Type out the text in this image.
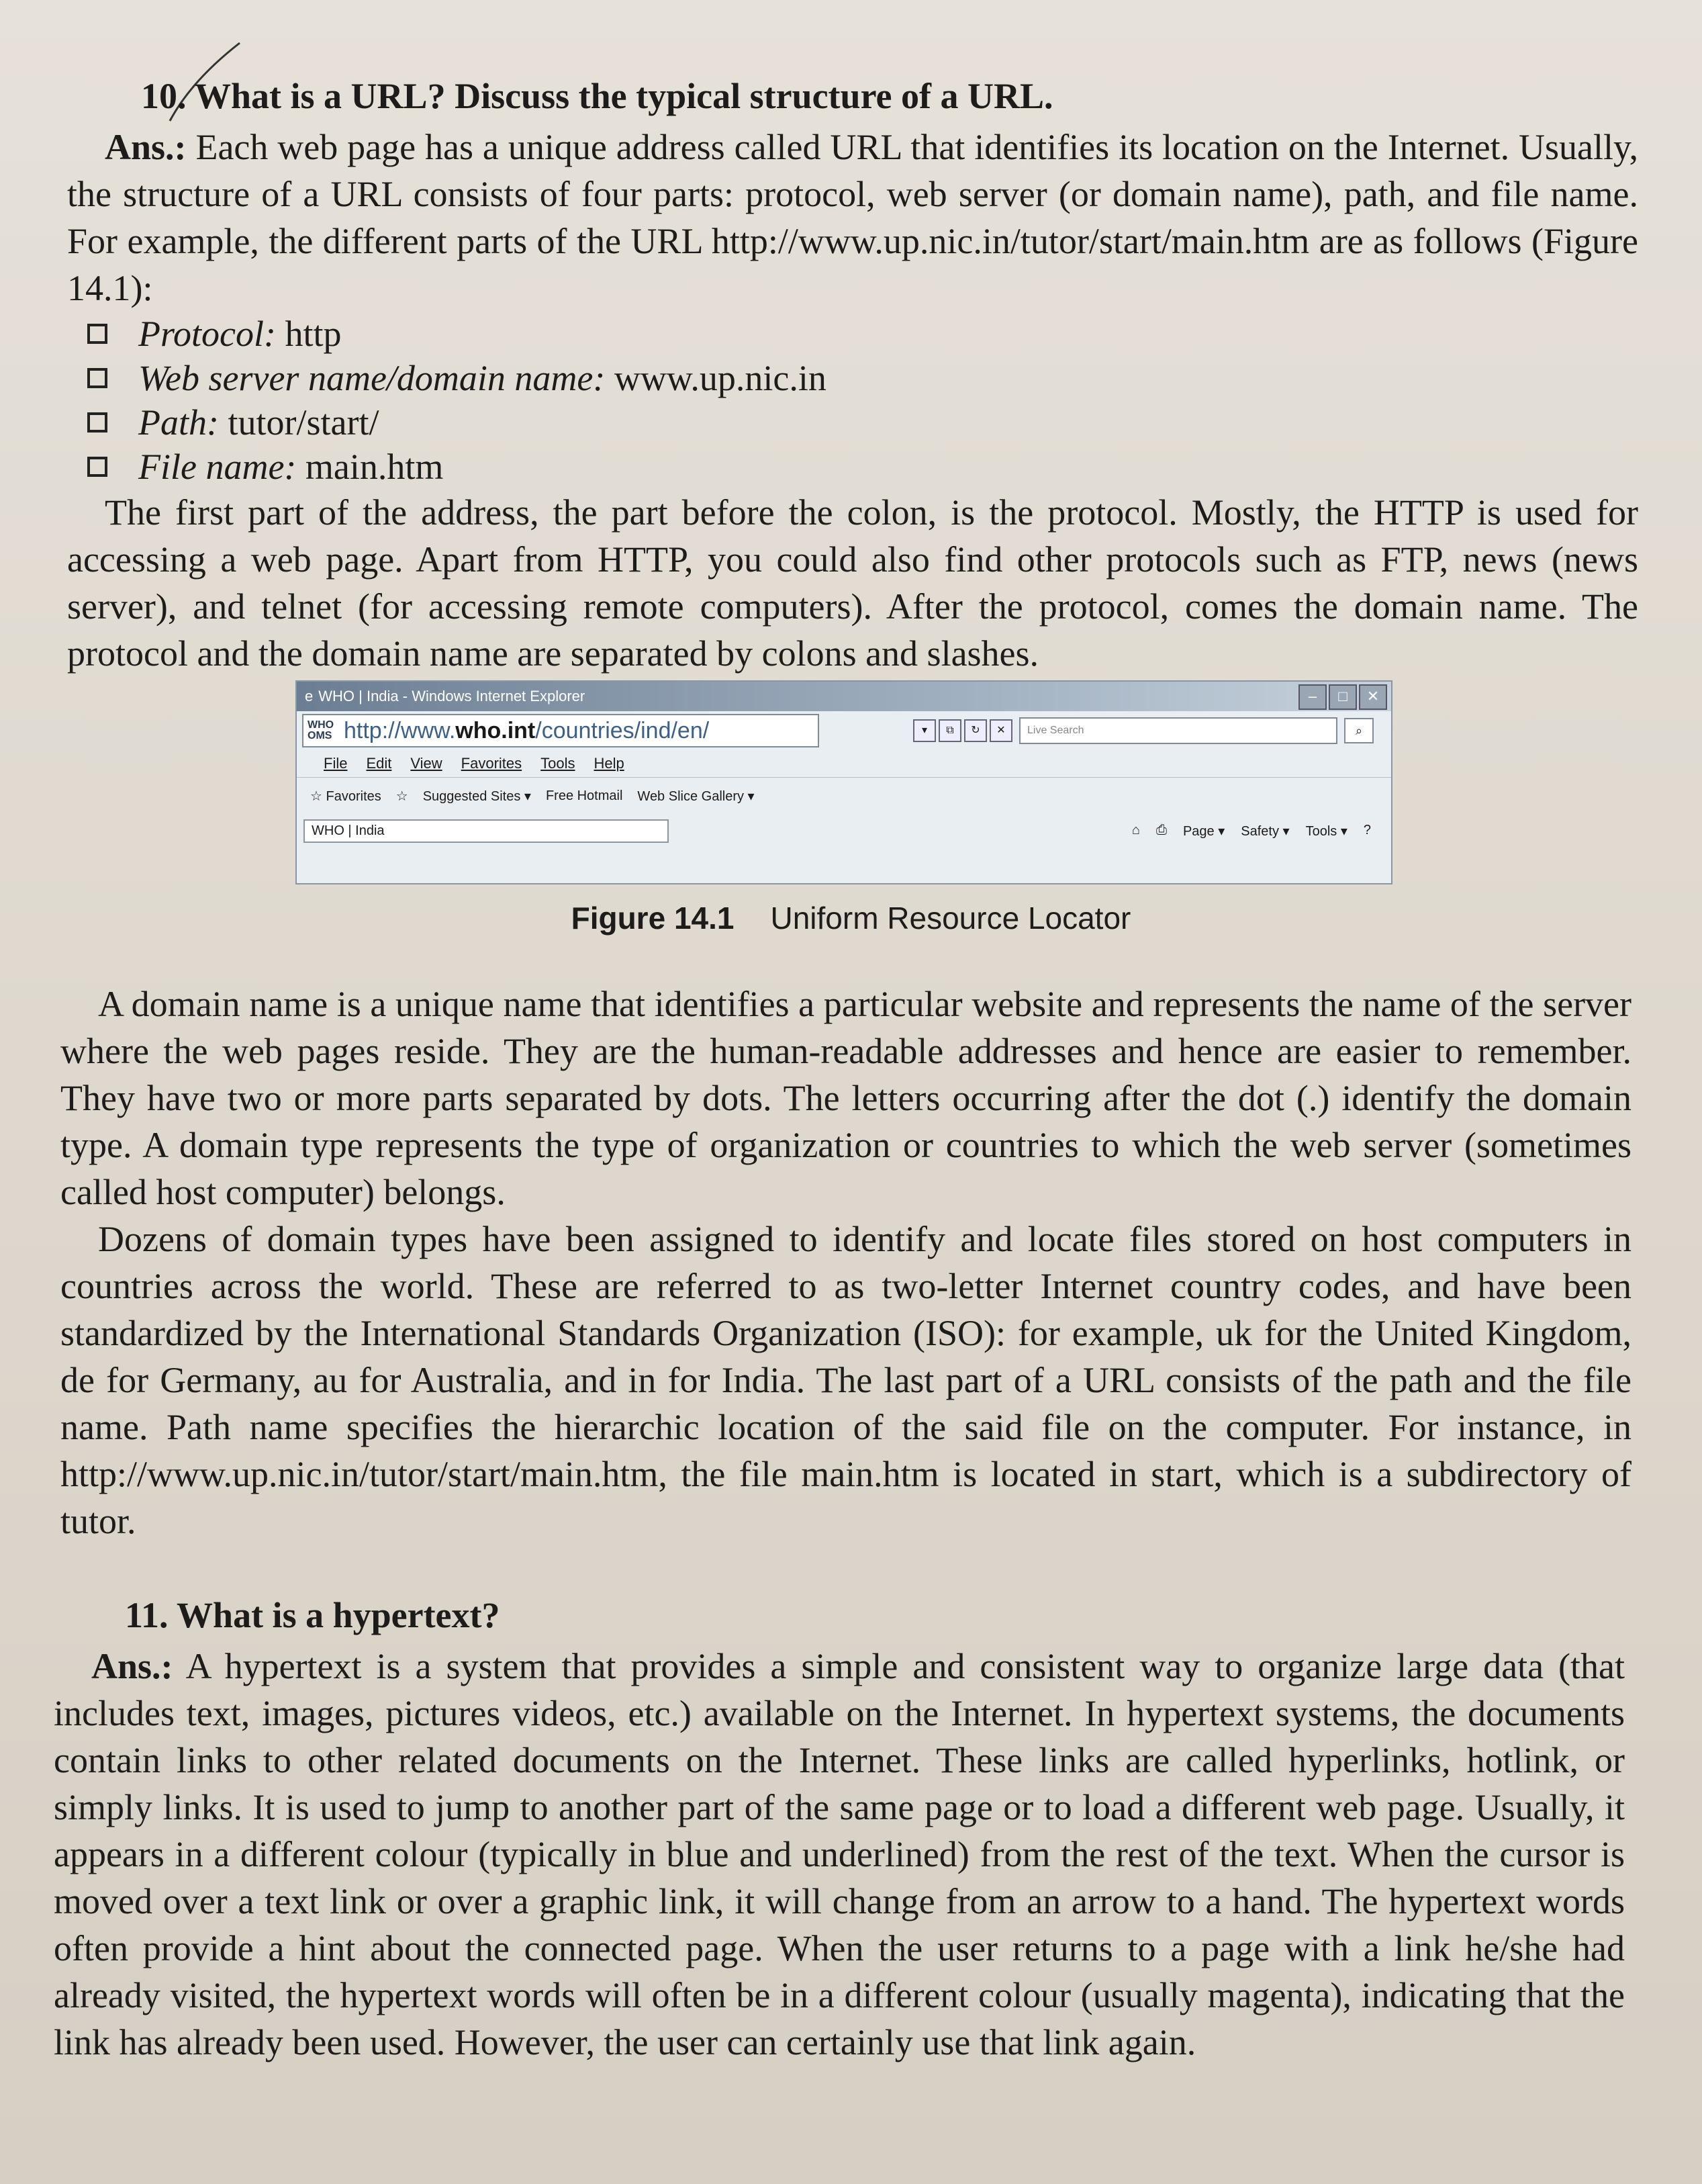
10. What is a URL? Discuss the typical structure of a URL.

Ans.: Each web page has a unique address called URL that identifies its location on the Internet. Usually, the structure of a URL consists of four parts: protocol, web server (or domain name), path, and file name. For example, the different parts of the URL http://www.up.nic.in/tutor/start/main.htm are as follows (Figure 14.1):

Protocol:
http
Web server name/domain name:
www.up.nic.in
Path:
tutor/start/
File name:
main.htm

The first part of the address, the part before the colon, is the protocol. Mostly, the HTTP is used for accessing a web page. Apart from HTTP, you could also find other protocols such as FTP, news (news server), and telnet (for accessing remote computers). After the protocol, comes the domain name. The protocol and the domain name are separated by colons and slashes.

e WHO | India - Windows Internet Explorer	–	□	✕
WHO OMS http://www. who.int /countries/ind/en/	▾	⧉	↻	✕	Live Search	⌕
File Edit View Favorites Tools Help
☆ Favorites ☆ Suggested Sites ▾ Free Hotmail Web Slice Gallery ▾
WHO | India	⌂ ⎙ Page ▾ Safety ▾ Tools ▾ ?
Figure 14.1 Uniform Resource Locator

A domain name is a unique name that identifies a particular website and represents the name of the server where the web pages reside. They are the human-readable addresses and hence are easier to remember. They have two or more parts separated by dots. The letters occurring after the dot (.) identify the domain type. A domain type represents the type of organization or countries to which the web server (sometimes called host computer) belongs.

Dozens of domain types have been assigned to identify and locate files stored on host computers in countries across the world. These are referred to as two-letter Internet country codes, and have been standardized by the International Standards Organization (ISO): for example, uk for the United Kingdom, de for Germany, au for Australia, and in for India. The last part of a URL consists of the path and the file name. Path name specifies the hierarchic location of the said file on the computer. For instance, in http://www.up.nic.in/tutor/start/main.htm, the file main.htm is located in start, which is a subdirectory of tutor.

11. What is a hypertext?

Ans.: A hypertext is a system that provides a simple and consistent way to organize large data (that includes text, images, pictures videos, etc.) available on the Internet. In hypertext systems, the documents contain links to other related documents on the Internet. These links are called hyperlinks, hotlink, or simply links. It is used to jump to another part of the same page or to load a different web page. Usually, it appears in a different colour (typically in blue and underlined) from the rest of the text. When the cursor is moved over a text link or over a graphic link, it will change from an arrow to a hand. The hypertext words often provide a hint about the connected page. When the user returns to a page with a link he/she had already visited, the hypertext words will often be in a different colour (usually magenta), indicating that the link has already been used. However, the user can certainly use that link again.
